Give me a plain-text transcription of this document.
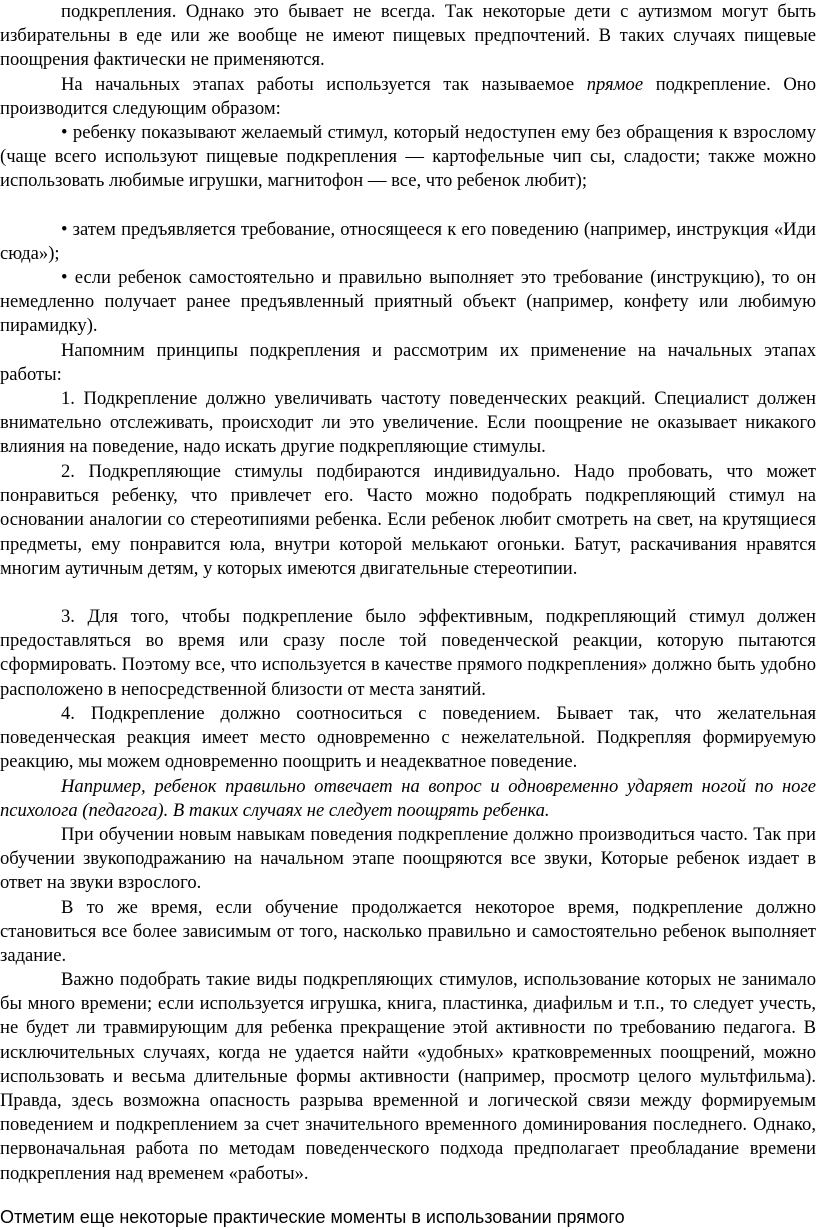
подкрепления. Однако это бывает не всегда. Так некоторые дети с аутизмом могут быть избирательны в еде или же вообще не имеют пищевых предпочтений. В таких случаях пищевые поощрения фактически не применяются.

На начальных этапах работы используется так называемое прямое подкрепление. Оно производится следующим образом:

• ребенку показывают желаемый стимул, который недоступен ему без обращения к взрослому (чаще всего используют пищевые подкрепления — картофельные чип сы, сладости; также можно использовать любимые игрушки, магнитофон — все, что ребенок любит);

• затем предъявляется требование, относящееся к его поведению (например, инструкция «Иди сюда»);

• если ребенок самостоятельно и правильно выполняет это требование (инструкцию), то он немедленно получает ранее предъявленный приятный объект (например, конфету или любимую пирамидку).

Напомним принципы подкрепления и рассмотрим их применение на начальных этапах работы:

1. Подкрепление должно увеличивать частоту поведенческих реакций. Специалист должен внимательно отслеживать, происходит ли это увеличение. Если поощрение не оказывает никакого влияния на поведение, надо искать другие подкрепляющие стимулы.

2. Подкрепляющие стимулы подбираются индивидуально. Надо пробовать, что может понравиться ребенку, что привлечет его. Часто можно подобрать подкрепляющий стимул на основании аналогии со стереотипиями ребенка. Если ребенок любит смотреть на свет, на крутящиеся предметы, ему понравится юла, внутри которой мелькают огоньки. Батут, раскачивания нравятся многим аутичным детям, у которых имеются двигательные стереотипии.

3. Для того, чтобы подкрепление было эффективным, подкрепляющий стимул должен предоставляться во время или сразу после той поведенческой реакции, которую пытаются сформировать. Поэтому все, что используется в качестве прямого подкрепления» должно быть удобно расположено в непосредственной близости от места занятий.

4. Подкрепление должно соотноситься с поведением. Бывает так, что желательная поведенческая реакция имеет место одновременно с нежелательной. Подкрепляя формируемую реакцию, мы можем одновременно поощрить и неадекватное поведение.

Например, ребенок правильно отвечает на вопрос и одновременно ударяет ногой по ноге психолога (педагога). В таких случаях не следует поощрять ребенка.

При обучении новым навыкам поведения подкрепление должно производиться часто. Так при обучении звукоподражанию на начальном этапе поощряются все звуки, Которые ребенок издает в ответ на звуки взрослого.

В то же время, если обучение продолжается некоторое время, подкрепление должно становиться все более зависимым от того, насколько правильно и самостоятельно ребенок выполняет задание.

Важно подобрать такие виды подкрепляющих стимулов, использование которых не занимало бы много времени; если используется игрушка, книга, пластинка, диафильм и т.п., то следует учесть, не будет ли травмирующим для ребенка прекращение этой активности по требованию педагога. В исключительных случаях, когда не удается найти «удобных» кратковременных поощрений, можно использовать и весьма длительные формы активности (например, просмотр целого мультфильма). Правда, здесь возможна опасность разрыва временной и логической связи между формируемым поведением и подкреплением за счет значительного временного доминирования последнего. Однако, первоначальная работа по методам поведенческого подхода предполагает преобладание времени подкрепления над временем «работы».

Отметим еще некоторые практические моменты в использовании прямого
